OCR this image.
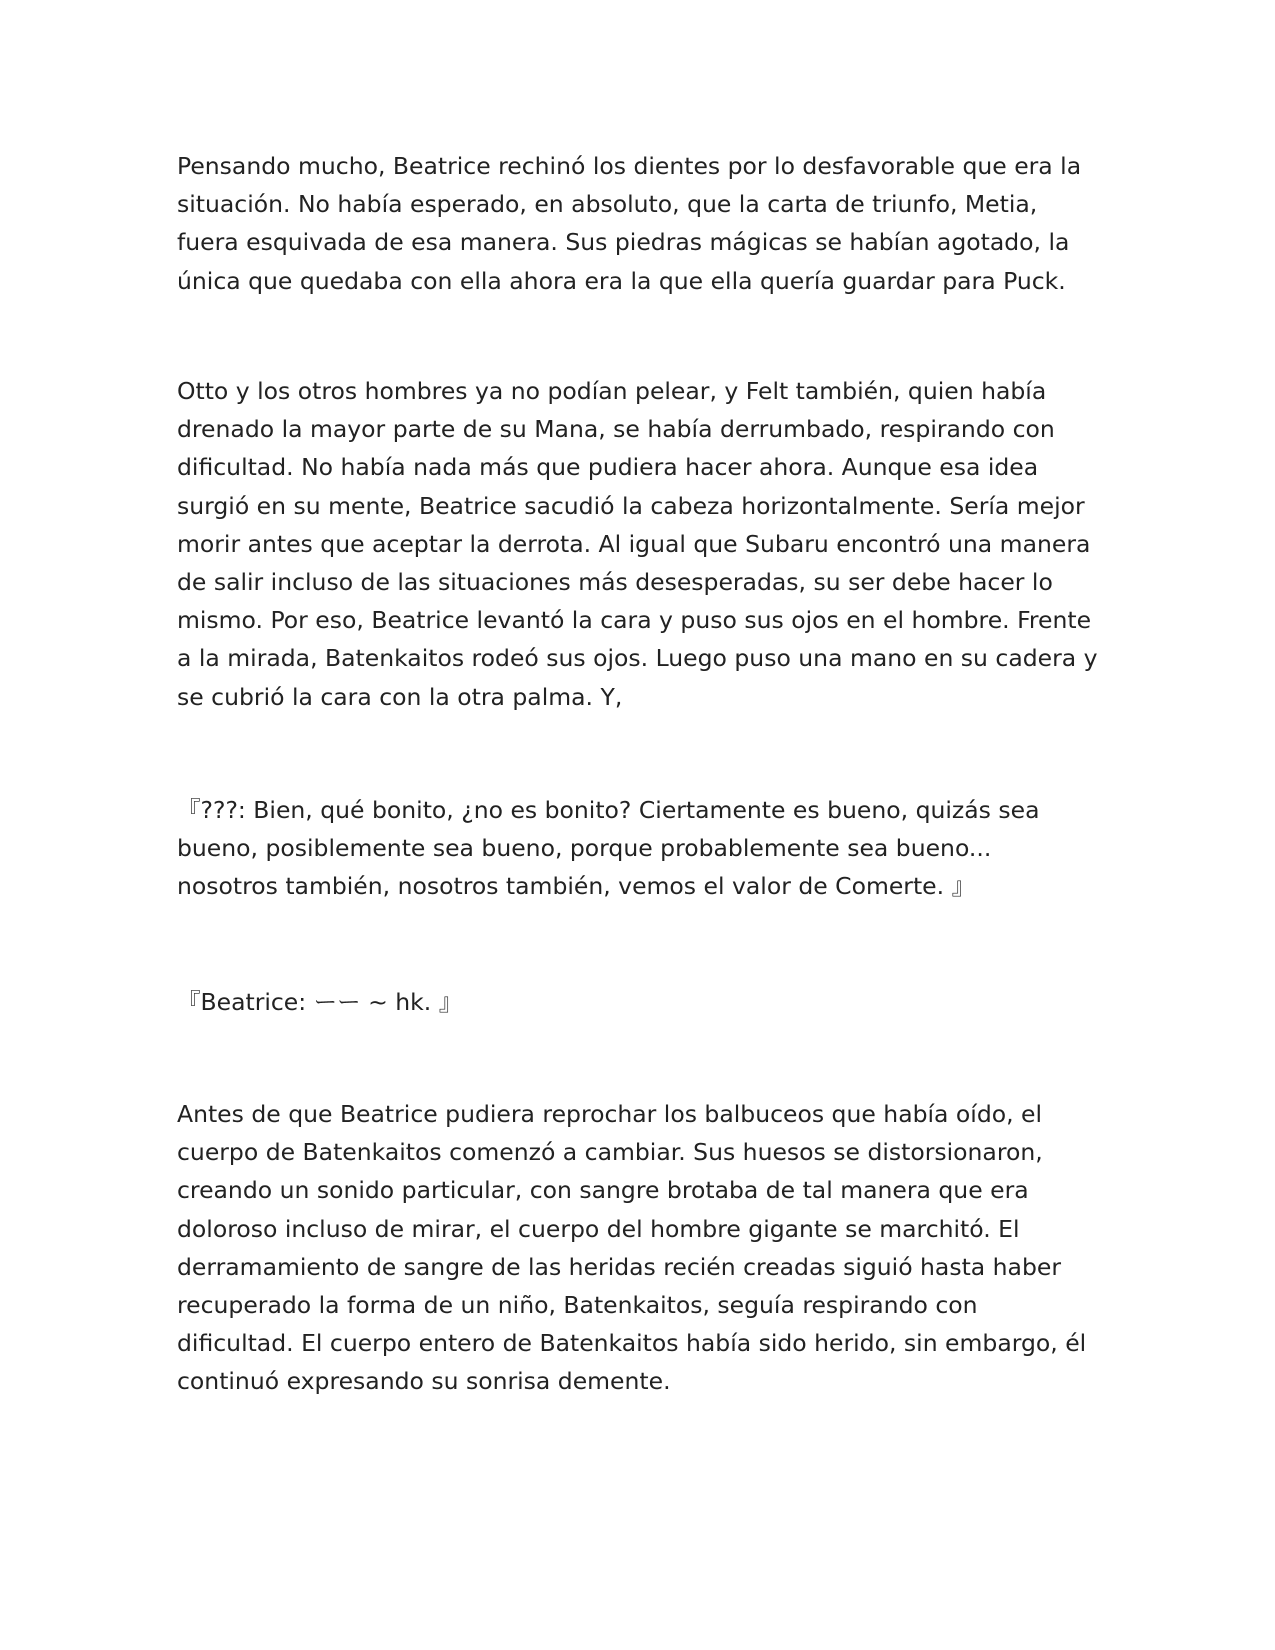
Pensando mucho, Beatrice rechinó los dientes por lo desfavorable que era la
situación. No había esperado, en absoluto, que la carta de triunfo, Metia,
fuera esquivada de esa manera. Sus piedras mágicas se habían agotado, la
única que quedaba con ella ahora era la que ella quería guardar para Puck.

Otto y los otros hombres ya no podían pelear, y Felt también, quien había
drenado la mayor parte de su Mana, se había derrumbado, respirando con
dificultad. No había nada más que pudiera hacer ahora. Aunque esa idea
surgió en su mente, Beatrice sacudió la cabeza horizontalmente. Sería mejor
morir antes que aceptar la derrota. Al igual que Subaru encontró una manera
de salir incluso de las situaciones más desesperadas, su ser debe hacer lo
mismo. Por eso, Beatrice levantó la cara y puso sus ojos en el hombre. Frente
a la mirada, Batenkaitos rodeó sus ojos. Luego puso una mano en su cadera y
se cubrió la cara con la otra palma. Y,

『???: Bien, qué bonito, ¿no es bonito? Ciertamente es bueno, quizás sea
bueno, posiblemente sea bueno, porque probablemente sea bueno...
nosotros también, nosotros también, vemos el valor de Comerte. 』

『Beatrice: ーー ~ hk. 』

Antes de que Beatrice pudiera reprochar los balbuceos que había oído, el
cuerpo de Batenkaitos comenzó a cambiar. Sus huesos se distorsionaron,
creando un sonido particular, con sangre brotaba de tal manera que era
doloroso incluso de mirar, el cuerpo del hombre gigante se marchitó. El
derramamiento de sangre de las heridas recién creadas siguió hasta haber
recuperado la forma de un niño, Batenkaitos, seguía respirando con
dificultad. El cuerpo entero de Batenkaitos había sido herido, sin embargo, él
continuó expresando su sonrisa demente.
